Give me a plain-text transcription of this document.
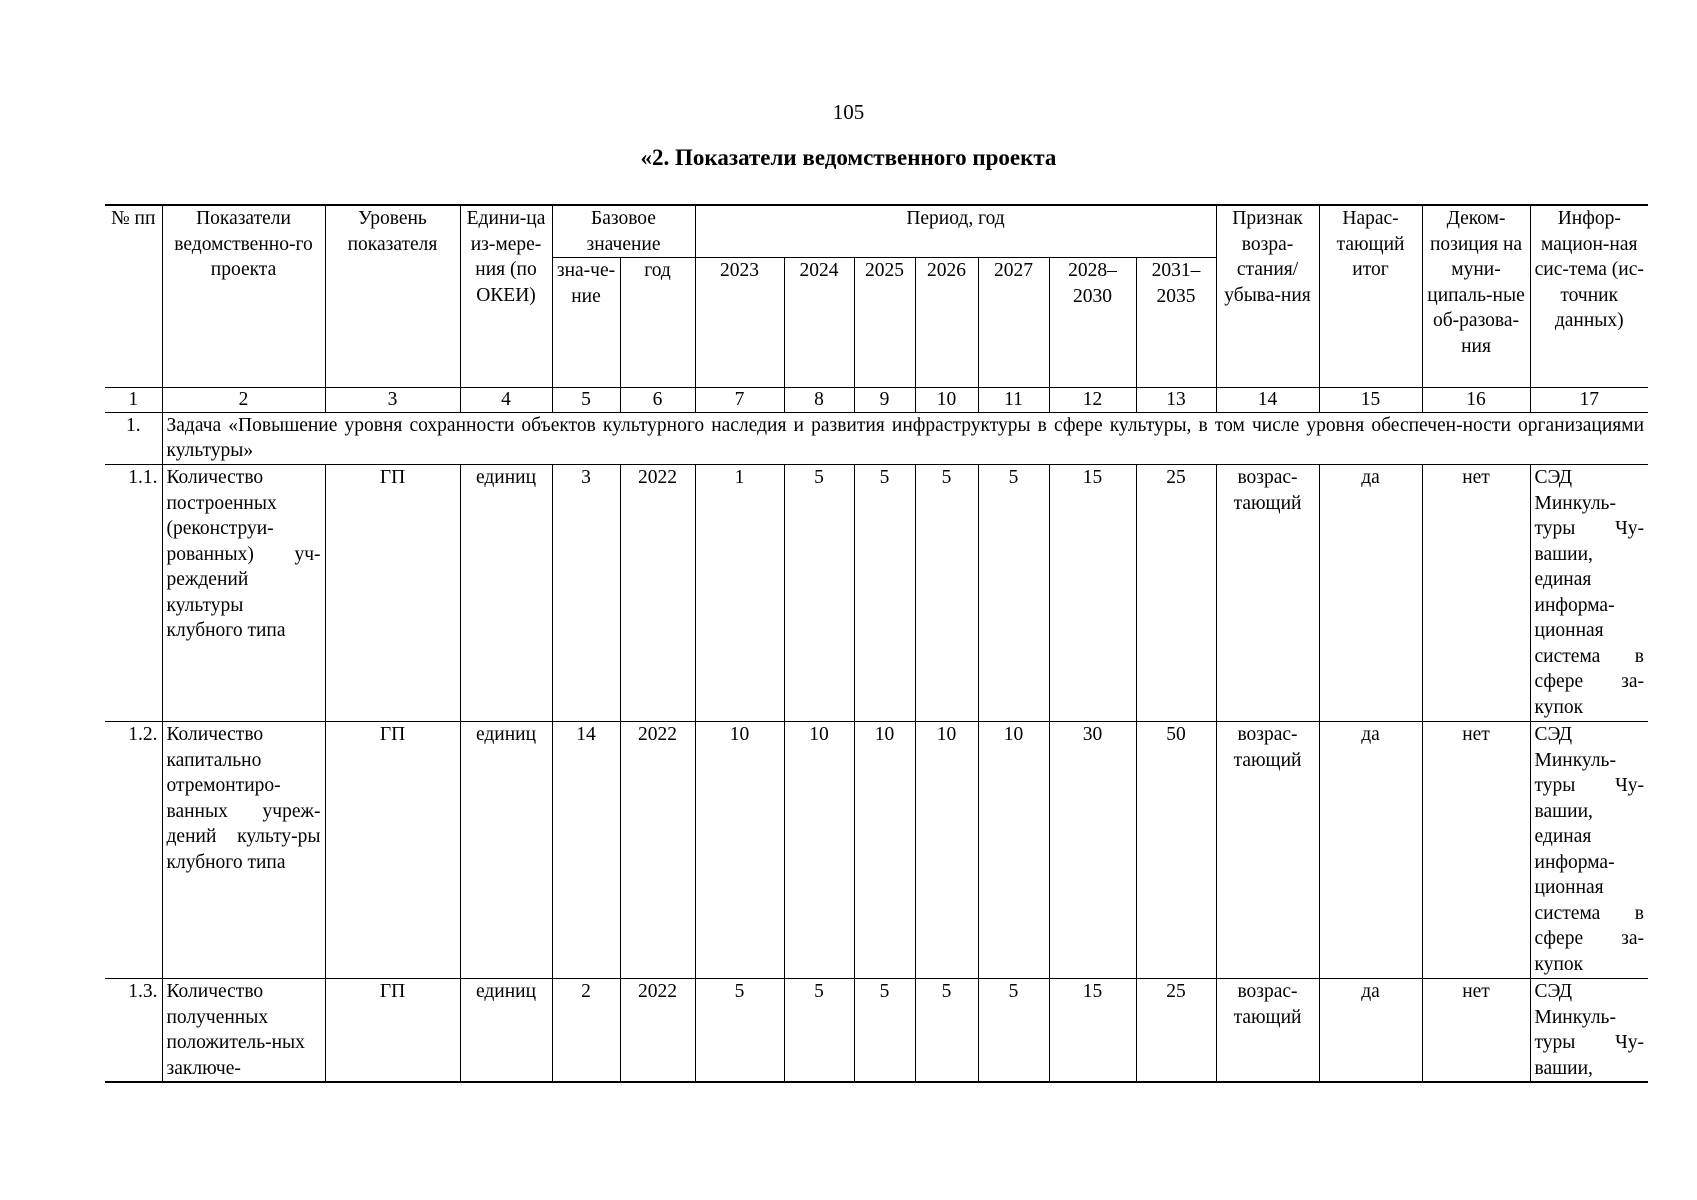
105
«2. Показатели ведомственного проекта
№ пп	Показатели ведомственно-го проекта	Уровень показателя	Едини-ца из-мере-ния (по ОКЕИ)	Базовое значение		Период, год							Признак возра-стания/ убыва-ния	Нарас-тающий итог	Деком-позиция на муни-ципаль-ные об-разова-ния	Инфор-мацион-ная сис-тема (ис-точник данных)
				зна-че-ние	год	2023	2024	2025	2026	2027	2028–2030	2031–2035				
1	2	3	4	5	6	7	8	9	10	11	12	13	14	15	16	17
1.	Задача «Повышение уровня сохранности объектов культурного наследия и развития инфраструктуры в сфере культуры, в том числе уровня обеспечен-ности организациями культуры»															
1.1.	Количество построенных (реконструи-рованных) уч-реждений культуры клубного типа	ГП	единиц	3	2022	1	5	5	5	5	15	25	возрас-тающий	да	нет	СЭД Минкуль-туры Чу-вашии, единая информа-ционная система в сфере за-купок
1.2.	Количество капитально отремонтиро-ванных учреж-дений культу-ры клубного типа	ГП	единиц	14	2022	10	10	10	10	10	30	50	возрас-тающий	да	нет	СЭД Минкуль-туры Чу-вашии, единая информа-ционная система в сфере за-купок
1.3.	Количество полученных положитель-ных заключе-	ГП	единиц	2	2022	5	5	5	5	5	15	25	возрас-тающий	да	нет	СЭД Минкуль-туры Чу-вашии,
